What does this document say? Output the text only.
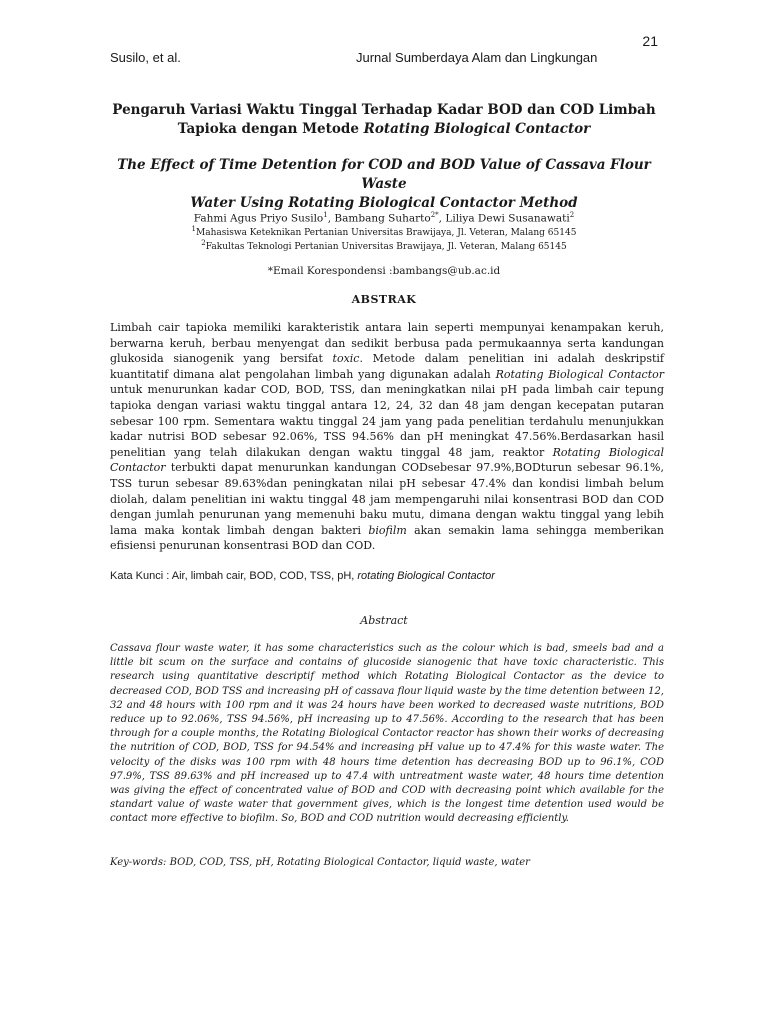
21
Susilo, et al.	Jurnal Sumberdaya Alam dan Lingkungan
Pengaruh Variasi Waktu Tinggal Terhadap Kadar BOD dan COD Limbah
Tapioka dengan Metode Rotating Biological Contactor
The Effect of Time Detention for COD and BOD Value of Cassava Flour Waste
Water Using Rotating Biological Contactor Method
Fahmi Agus Priyo Susilo$^1$, Bambang Suharto$^{2*}$, Liliya Dewi Susanawati$^2$
$^1$Mahasiswa Keteknikan Pertanian Universitas Brawijaya, Jl. Veteran, Malang 65145
$^2$Fakultas Teknologi Pertanian Universitas Brawijaya, Jl. Veteran, Malang 65145
*Email Korespondensi :bambangs@ub.ac.id
ABSTRAK

Limbah cair tapioka memiliki karakteristik antara lain seperti mempunyai kenampakan keruh, berwarna keruh, berbau menyengat dan sedikit berbusa pada permukaannya serta kandungan glukosida sianogenik yang bersifat toxic. Metode dalam penelitian ini adalah deskripstif kuantitatif dimana alat pengolahan limbah yang digunakan adalah Rotating Biological Contactor untuk menurunkan kadar COD, BOD, TSS, dan meningkatkan nilai pH pada limbah cair tepung tapioka dengan variasi waktu tinggal antara 12, 24, 32 dan 48 jam dengan kecepatan putaran sebesar 100 rpm. Sementara waktu tinggal 24 jam yang pada penelitian terdahulu menunjukkan kadar nutrisi BOD sebesar 92.06%, TSS 94.56% dan pH meningkat 47.56%.Berdasarkan hasil penelitian yang telah dilakukan dengan waktu tinggal 48 jam, reaktor Rotating Biological Contactor terbukti dapat menurunkan kandungan CODsebesar 97.9%,BODturun sebesar 96.1%, TSS turun sebesar 89.63%dan peningkatan nilai pH sebesar 47.4% dan kondisi limbah belum diolah, dalam penelitian ini waktu tinggal 48 jam mempengaruhi nilai konsentrasi BOD dan COD dengan jumlah penurunan yang memenuhi baku mutu, dimana dengan waktu tinggal yang lebih lama maka kontak limbah dengan bakteri biofilm akan semakin lama sehingga memberikan efisiensi penurunan konsentrasi BOD dan COD.

Kata Kunci : Air, limbah cair, BOD, COD, TSS, pH, rotating Biological Contactor
Abstract

Cassava flour waste water, it has some characteristics such as the colour which is bad, smeels bad and a little bit scum on the surface and contains of glucoside sianogenic that have toxic characteristic. This research using quantitative descriptif method which Rotating Biological Contactor as the device to decreased COD, BOD TSS and increasing pH of cassava flour liquid waste by the time detention between 12, 32 and 48 hours with 100 rpm and it was 24 hours have been worked to decreased waste nutritions, BOD reduce up to 92.06%, TSS 94.56%, pH increasing up to 47.56%. According to the research that has been through for a couple months, the Rotating Biological Contactor reactor has shown their works of decreasing the nutrition of COD, BOD, TSS for 94.54% and increasing pH value up to 47.4% for this waste water. The velocity of the disks was 100 rpm with 48 hours time detention has decreasing BOD up to 96.1%, COD 97.9%, TSS 89.63% and pH increased up to 47.4 with untreatment waste water, 48 hours time detention was giving the effect of concentrated value of BOD and COD with decreasing point which available for the standart value of waste water that government gives, which is the longest time detention used would be contact more effective to biofilm. So, BOD and COD nutrition would decreasing efficiently.

Key-words: BOD, COD, TSS, pH, Rotating Biological Contactor, liquid waste, water
